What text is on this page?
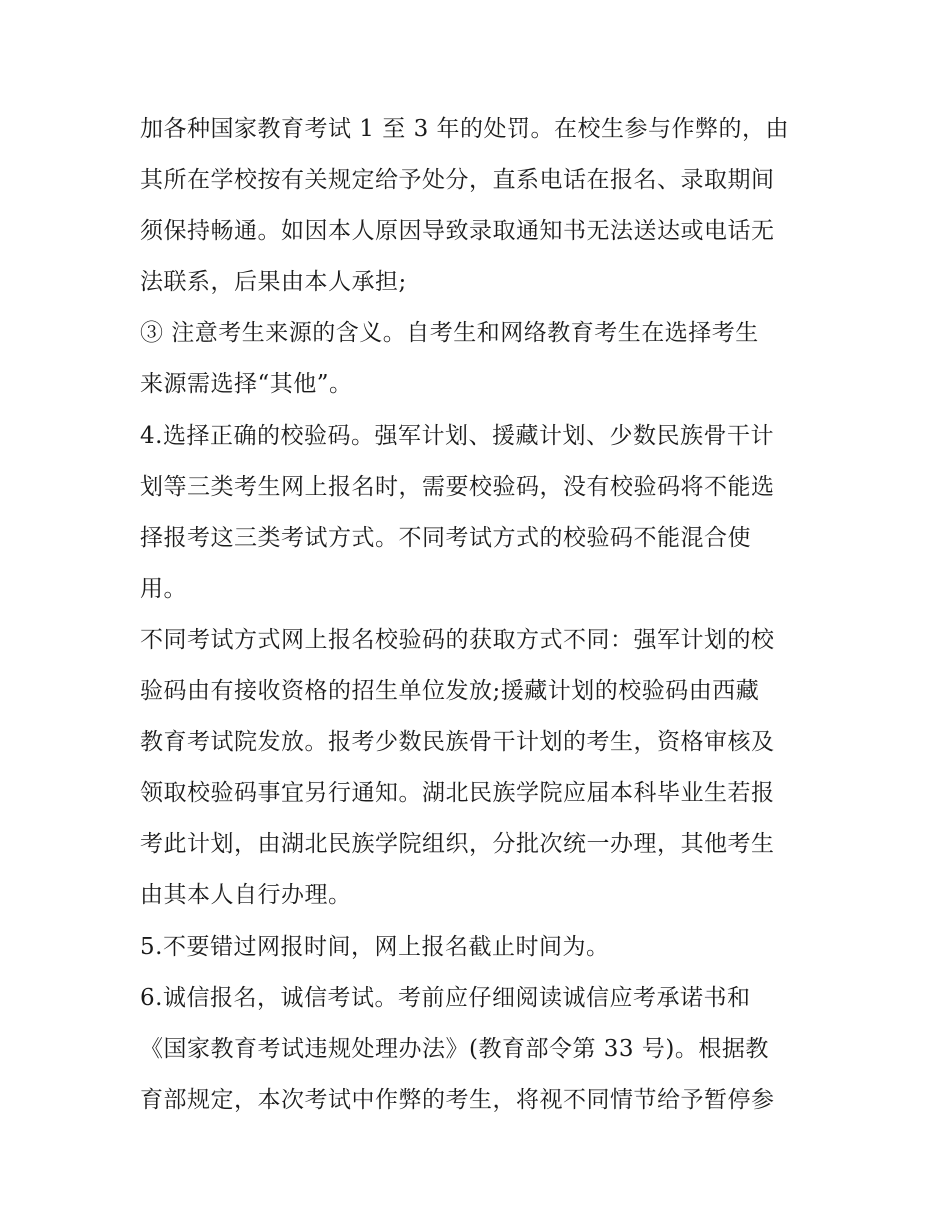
加各种国家教育考试 1 至 3 年的处罚。在校生参与作弊的，由
其所在学校按有关规定给予处分，直系电话在报名、录取期间
须保持畅通。如因本人原因导致录取通知书无法送达或电话无
法联系，后果由本人承担;
③ 注意考生来源的含义。自考生和网络教育考生在选择考生
来源需选择“其他”。
4.选择正确的校验码。强军计划、援藏计划、少数民族骨干计
划等三类考生网上报名时，需要校验码，没有校验码将不能选
择报考这三类考试方式。不同考试方式的校验码不能混合使
用。
不同考试方式网上报名校验码的获取方式不同：强军计划的校
验码由有接收资格的招生单位发放;援藏计划的校验码由西藏
教育考试院发放。报考少数民族骨干计划的考生，资格审核及
领取校验码事宜另行通知。湖北民族学院应届本科毕业生若报
考此计划，由湖北民族学院组织，分批次统一办理，其他考生
由其本人自行办理。
5.不要错过网报时间，网上报名截止时间为。
6.诚信报名，诚信考试。考前应仔细阅读诚信应考承诺书和
《国家教育考试违规处理办法》(教育部令第 33 号)。根据教
育部规定，本次考试中作弊的考生，将视不同情节给予暂停参
